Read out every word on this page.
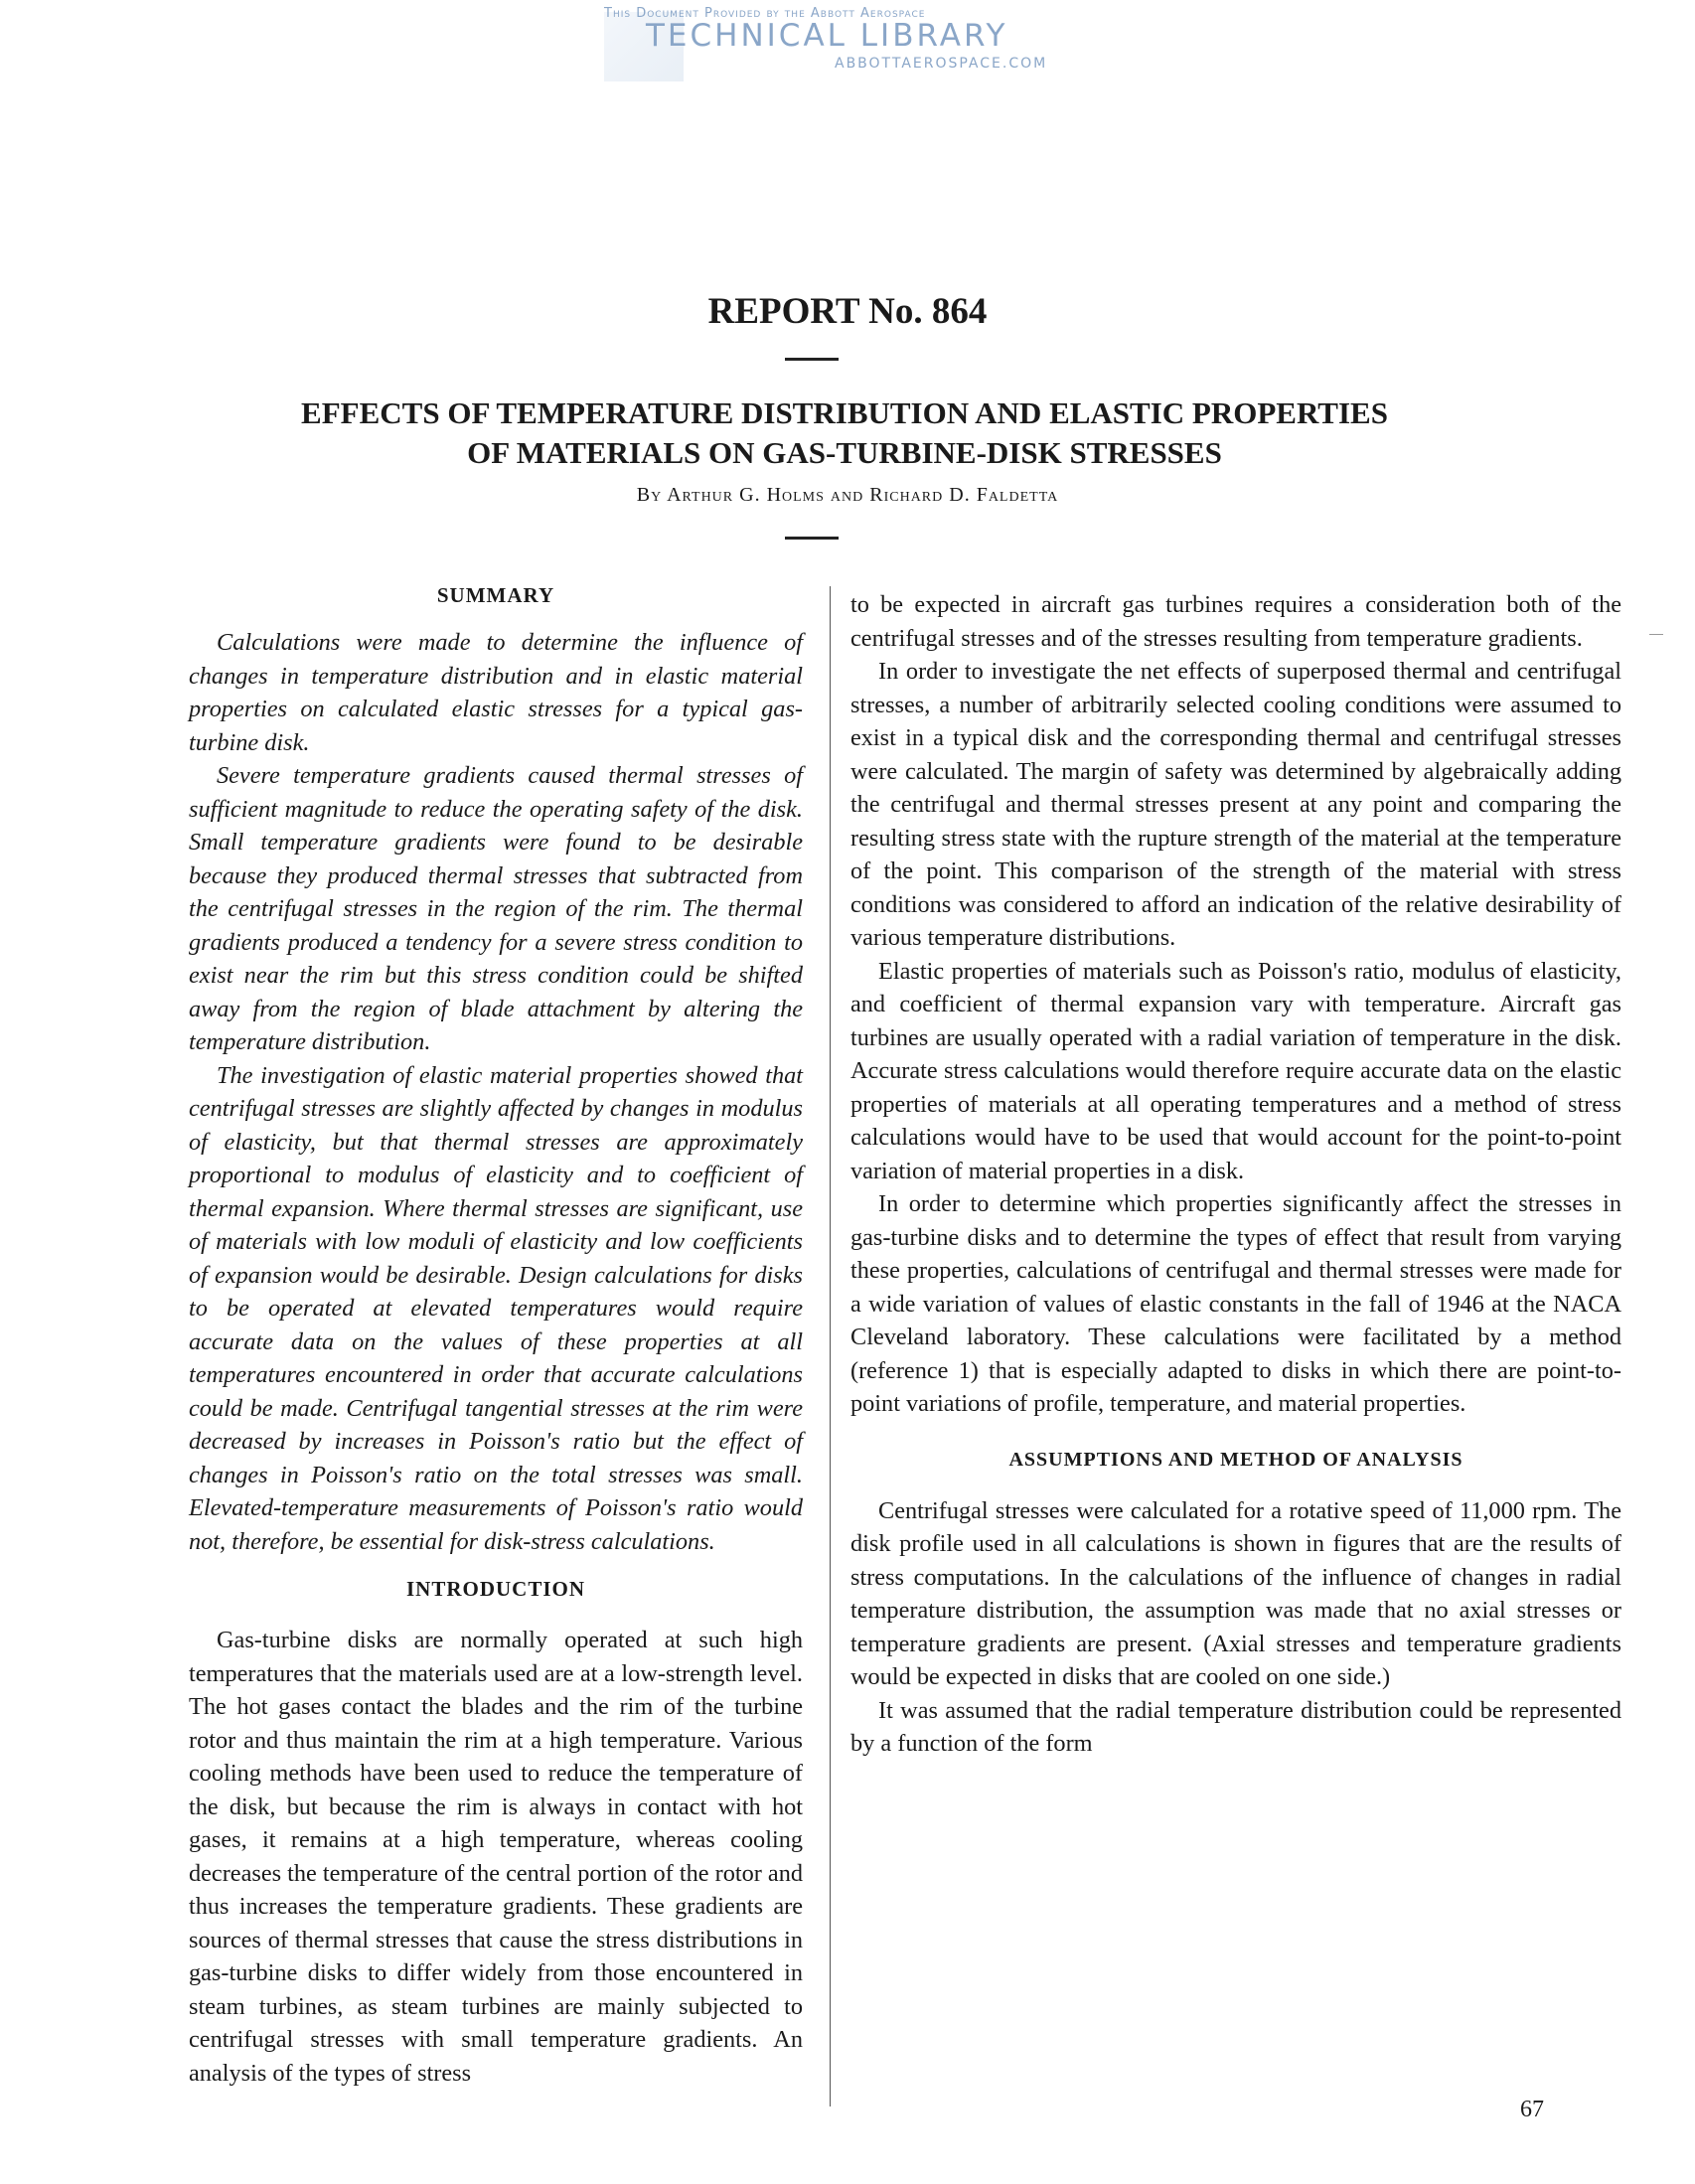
This Document Provided by the Abbott Aerospace
TECHNICAL LIBRARY
ABBOTTAEROSPACE.COM
REPORT No. 864
EFFECTS OF TEMPERATURE DISTRIBUTION AND ELASTIC PROPERTIES
OF MATERIALS ON GAS-TURBINE-DISK STRESSES
By Arthur G. Holms and Richard D. Faldetta
SUMMARY

Calculations were made to determine the influence of changes in temperature distribution and in elastic material properties on calculated elastic stresses for a typical gas-turbine disk.

Severe temperature gradients caused thermal stresses of sufficient magnitude to reduce the operating safety of the disk. Small temperature gradients were found to be desirable because they produced thermal stresses that subtracted from the centrifugal stresses in the region of the rim. The thermal gradients produced a tendency for a severe stress condition to exist near the rim but this stress condition could be shifted away from the region of blade attachment by altering the temperature distribution.

The investigation of elastic material properties showed that centrifugal stresses are slightly affected by changes in modulus of elasticity, but that thermal stresses are approximately proportional to modulus of elasticity and to coefficient of thermal expansion. Where thermal stresses are significant, use of materials with low moduli of elasticity and low coefficients of expansion would be desirable. Design calculations for disks to be operated at elevated temperatures would require accurate data on the values of these properties at all temperatures encountered in order that accurate calculations could be made. Centrifugal tangential stresses at the rim were decreased by increases in Poisson's ratio but the effect of changes in Poisson's ratio on the total stresses was small. Elevated-temperature measurements of Poisson's ratio would not, therefore, be essential for disk-stress calculations.

INTRODUCTION

Gas-turbine disks are normally operated at such high temperatures that the materials used are at a low-strength level. The hot gases contact the blades and the rim of the turbine rotor and thus maintain the rim at a high temperature. Various cooling methods have been used to reduce the temperature of the disk, but because the rim is always in contact with hot gases, it remains at a high temperature, whereas cooling decreases the temperature of the central portion of the rotor and thus increases the temperature gradients. These gradients are sources of thermal stresses that cause the stress distributions in gas-turbine disks to differ widely from those encountered in steam turbines, as steam turbines are mainly subjected to centrifugal stresses with small temperature gradients. An analysis of the types of stress

to be expected in aircraft gas turbines requires a consideration both of the centrifugal stresses and of the stresses resulting from temperature gradients.

In order to investigate the net effects of superposed thermal and centrifugal stresses, a number of arbitrarily selected cooling conditions were assumed to exist in a typical disk and the corresponding thermal and centrifugal stresses were calculated. The margin of safety was determined by algebraically adding the centrifugal and thermal stresses present at any point and comparing the resulting stress state with the rupture strength of the material at the temperature of the point. This comparison of the strength of the material with stress conditions was considered to afford an indication of the relative desirability of various temperature distributions.

Elastic properties of materials such as Poisson's ratio, modulus of elasticity, and coefficient of thermal expansion vary with temperature. Aircraft gas turbines are usually operated with a radial variation of temperature in the disk. Accurate stress calculations would therefore require accurate data on the elastic properties of materials at all operating temperatures and a method of stress calculations would have to be used that would account for the point-to-point variation of material properties in a disk.

In order to determine which properties significantly affect the stresses in gas-turbine disks and to determine the types of effect that result from varying these properties, calculations of centrifugal and thermal stresses were made for a wide variation of values of elastic constants in the fall of 1946 at the NACA Cleveland laboratory. These calculations were facilitated by a method (reference 1) that is especially adapted to disks in which there are point-to-point variations of profile, temperature, and material properties.

ASSUMPTIONS AND METHOD OF ANALYSIS

Centrifugal stresses were calculated for a rotative speed of 11,000 rpm. The disk profile used in all calculations is shown in figures that are the results of stress computations. In the calculations of the influence of changes in radial temperature distribution, the assumption was made that no axial stresses or temperature gradients are present. (Axial stresses and temperature gradients would be expected in disks that are cooled on one side.)

It was assumed that the radial temperature distribution could be represented by a function of the form

67
